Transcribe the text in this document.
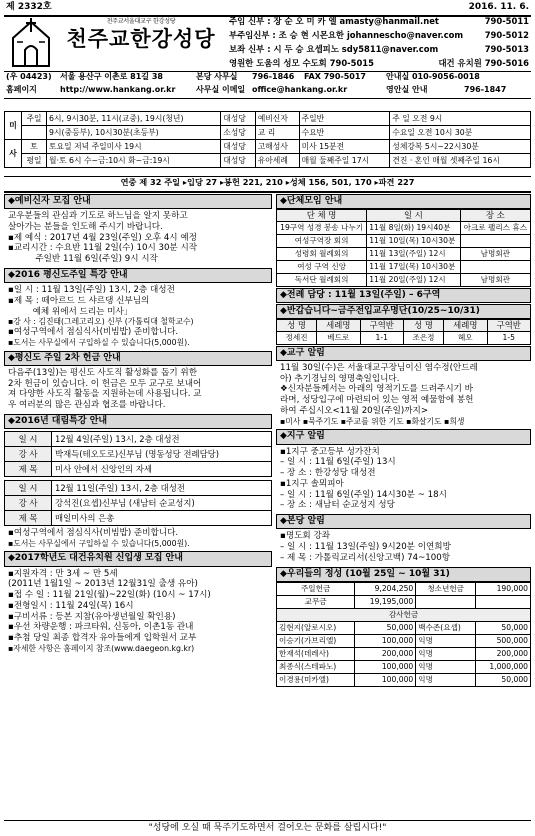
제 2332호	2016. 11. 6.
천주교서울대교구 한강성당
천주교한강성당
주임 신부 : 장 순 오 미 카 엘 amasty@hanmail.net	790-5011
부주임신부 : 조 승 현 시몬요한 johannescho@naver.com	790-5012
보좌 신부 : 시 두 승 요셉피노 sdy5811@naver.com	790-5013
영원한 도움의 성모 수도회 790-5015	대건 유치원 790-5016
(우 04423) 서울 용산구 이촌로 81길 38	본당 사무실 796-1846 FAX 790-5017	안내실 010-9056-0018
홈페이지	http://www.hankang.or.kr	사무실 이메일 office@hankang.or.kr	영안실 안내	796-1847
미	주일	6시, 9시30분, 11시(교중), 19시(청년)	대성당	예비신자	주일반	주 일 오전 9시
		9시(중등부), 10시30분(초등부)	소성당	교 리	수요반	수요일 오전 10시 30분
사	토	토요일 저녁 주일미사 19시	대성당	고해성사	미사 15분전	성체강복 5시~22시30분
	평일	월·토 6시 수~금:10시 화~금:19시	대성당	유아세례	매월 둘째주일 17시	견진 · 혼인 매월 셋째주일 16시
연중 제 32 주일 ▸입당 27 ▸봉헌 221, 210 ▸성체 156, 501, 170 ▸파견 227
◆예비신자 모집 안내
교우분들의 관심과 기도로 하느님을 알지 못하고
살아가는 분들을 인도해 주시기 바랍니다.
▪제 예식 : 2017년 4월 23일(주일) 오후 4시 예정
▪교리시간 : 수요반 11월 2일(수) 10시 30분 시작
주일반 11월 6일(주일) 9시 시작
◆2016 평신도주일 특강 안내
▪일 시 : 11월 13일(주일) 13시, 2층 대성전
▪제 목 : 떼아르드 드 샤르댕 신부님의
예체 위에서 드리는 미사」
▪강 사 : 김진태(그레고리오) 신부 (가톨릭대 철학교수)
▪여성구역에서 점심식사(비빔밥) 준비합니다.
▪도서는 사무실에서 구입하실 수 있습니다(5,000원).
◆평신도 주일 2차 헌금 안내
다음주(13일)는 평신도 사도직 활성화를 돕기 위한
2차 헌금이 있습니다. 이 헌금은 모두 교구로 보내어
져 다양한 사도직 활동을 지원하는데 사용됩니다. 교
우 여러분의 많은 관심과 협조를 바랍니다.
◆2016년 대림특강 안내
일 시	12월 4일(주일) 13시, 2층 대성전
강 사	박재득(테오도로)신부님 (명동성당 전례담당)
제 목	미사 안에서 신앙인의 자세
일 시	12월 11일(주일) 13시, 2층 대성전
강 사	강석진(요셉)신부님 (새남터 순교성지)
제 목	매일미사의 은총
▪여성구역에서 점심식사(비빔밥) 준비합니다.
▪도서는 사무실에서 구입하실 수 있습니다(5,000원).
◆2017학년도 대건유치원 신입생 모집 안내
▪지원자격 : 만 3세 ~ 만 5세
(2011년 1월1일 ~ 2013년 12월31일 출생 유아)
▪접 수 일 : 11월 21일(월)~22일(화) (10시 ~ 17시)
▪전형일시 : 11월 24일(목) 16시
▪구비서류 : 등본 지참(유아생년월일 확인용)
▪우선 차량운행 : 파크타워, 신동아, 이촌1동 관내
▪추첨 당일 최종 합격자 유아들에게 입학원서 교부
▪자세한 사항은 홈페이지 참조(www.daegeon.kg.kr)
◆단체모임 안내
단 체 명	일 시	장 소
19구역 성경 봉송 나누기	11월 8일(화) 19시40분	아크로 팰리스 휴스
여성구역장 회의	11월 10일(목) 10시30분	
성령회 월례회의	11월 13일(주일) 12시	남명회관
여성 구역 신앙	11월 17일(목) 10시30분	
독서단 월례회의	11월 20일(주일) 12시	남명회관
◆전례 담당 : 11월 13일(주일) – 6구역
◆반갑습니다~금주전입교우명단(10/25~10/31)
성 명	세례명	구역반	성 명	세례명	구역반
정세진	베드로	1-1	조은정	헤오	1-5
◆교구 알림
11월 30일(수)은 서울대교구장님이신 염수정(안드레
아) 추기경님의 영명축일입니다.
❖신자분들께서는 아래의 영적기도를 드려주시기 바
라며, 성당입구에 마련되어 있는 영적 예물함에 봉헌
하여 주십시오<11월 20일(주일)까지>
▪미사 ▪묵주기도 ▪주교를 위한 기도 ▪화살기도 ▪희생
◆지구 알림
▪1지구 중고등부 성가잔치
– 일 시 : 11월 6일(주일) 13시
– 장 소 : 한강성당 대성전
▪1지구 솔뫼피아
– 일 시 : 11월 6일(주일) 14시30분 ~ 18시
– 장 소 : 새남터 순교성지 성당
◆본당 알림
▪명도회 강좌
– 일 시 : 11월 13일(주일) 9시20분 이연희방
– 제 목 : 가톨릭교리서(신앙고백) 74~100항
◆우리들의 정성 (10월 25일 ~ 10월 31)
주일헌금	9,204,250	청소년헌금	190,000
교무금	19,195,000		
감사헌금			
김현지(알로시오)	50,000	백수존(요셉)	50,000
이승기(가브리엘)	100,000	익명	500,000
한재석(데레사)	200,000	익명	200,000
최종식(스테파노)	100,000	익명	1,000,000
이경용(미카엘)	100,000	익명	50,000
"성당에 오실 때 묵주기도하면서 걸어오는 문화를 살립시다!"
